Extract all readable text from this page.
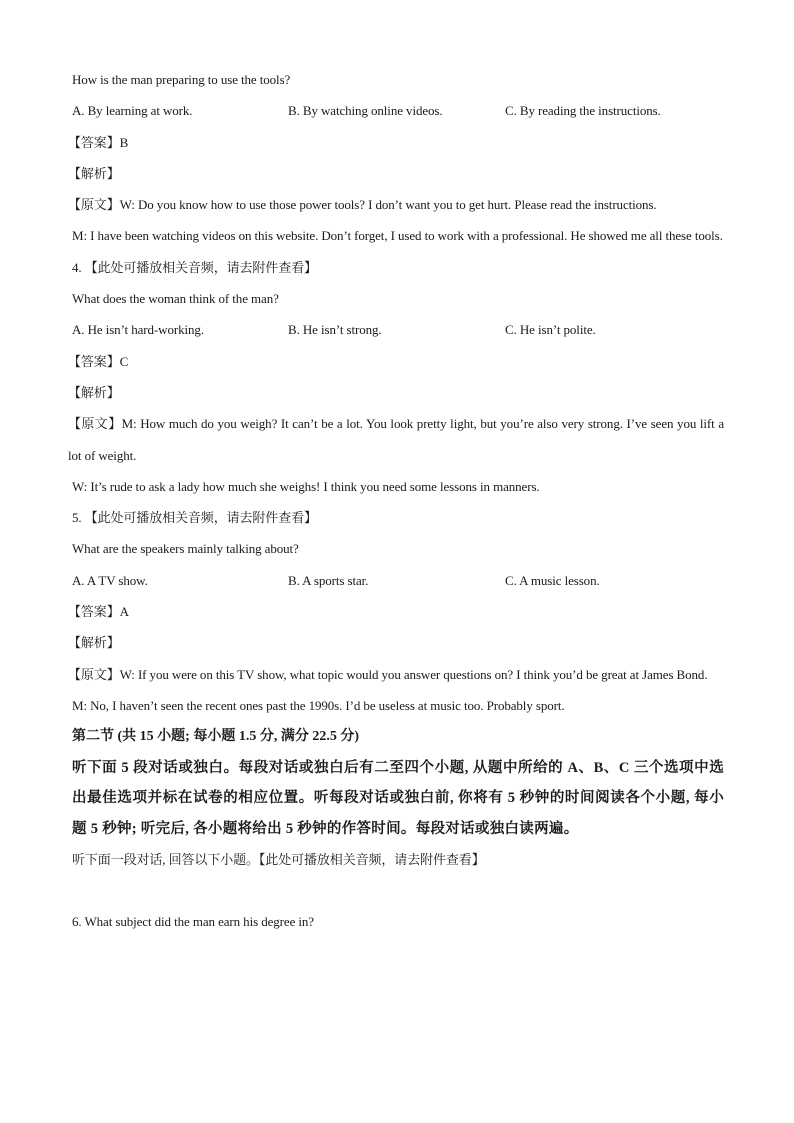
How is the man preparing to use the tools?
A. By learning at work.	B. By watching online videos.	C. By reading the instructions.
【答案】B
【解析】
【原文】W: Do you know how to use those power tools? I don’t want you to get hurt. Please read the instructions.
M: I have been watching videos on this website. Don’t forget, I used to work with a professional. He showed me all these tools.
4. 【此处可播放相关音频，请去附件查看】
What does the woman think of the man?
A. He isn’t hard-working.	B. He isn’t strong.	C. He isn’t polite.
【答案】C
【解析】
【原文】M: How much do you weigh? It can’t be a lot. You look pretty light, but you’re also very strong. I’ve seen you lift a lot of weight.
W: It’s rude to ask a lady how much she weighs! I think you need some lessons in manners.
5. 【此处可播放相关音频，请去附件查看】
What are the speakers mainly talking about?
A. A TV show.	B. A sports star.	C. A music lesson.
【答案】A
【解析】
【原文】W: If you were on this TV show, what topic would you answer questions on? I think you’d be great at James Bond.
M: No, I haven’t seen the recent ones past the 1990s. I’d be useless at music too. Probably sport.
第二节 (共 15 小题; 每小题 1.5 分, 满分 22.5 分)
听下面 5 段对话或独白。每段对话或独白后有二至四个小题, 从题中所给的 A、B、C 三个选项中选出最佳选项并标在试卷的相应位置。听每段对话或独白前, 你将有 5 秒钟的时间阅读各个小题, 每小题 5 秒钟; 听完后, 各小题将给出 5 秒钟的作答时间。每段对话或独白读两遍。
听下面一段对话, 回答以下小题。【此处可播放相关音频，请去附件查看】
6. What subject did the man earn his degree in?
